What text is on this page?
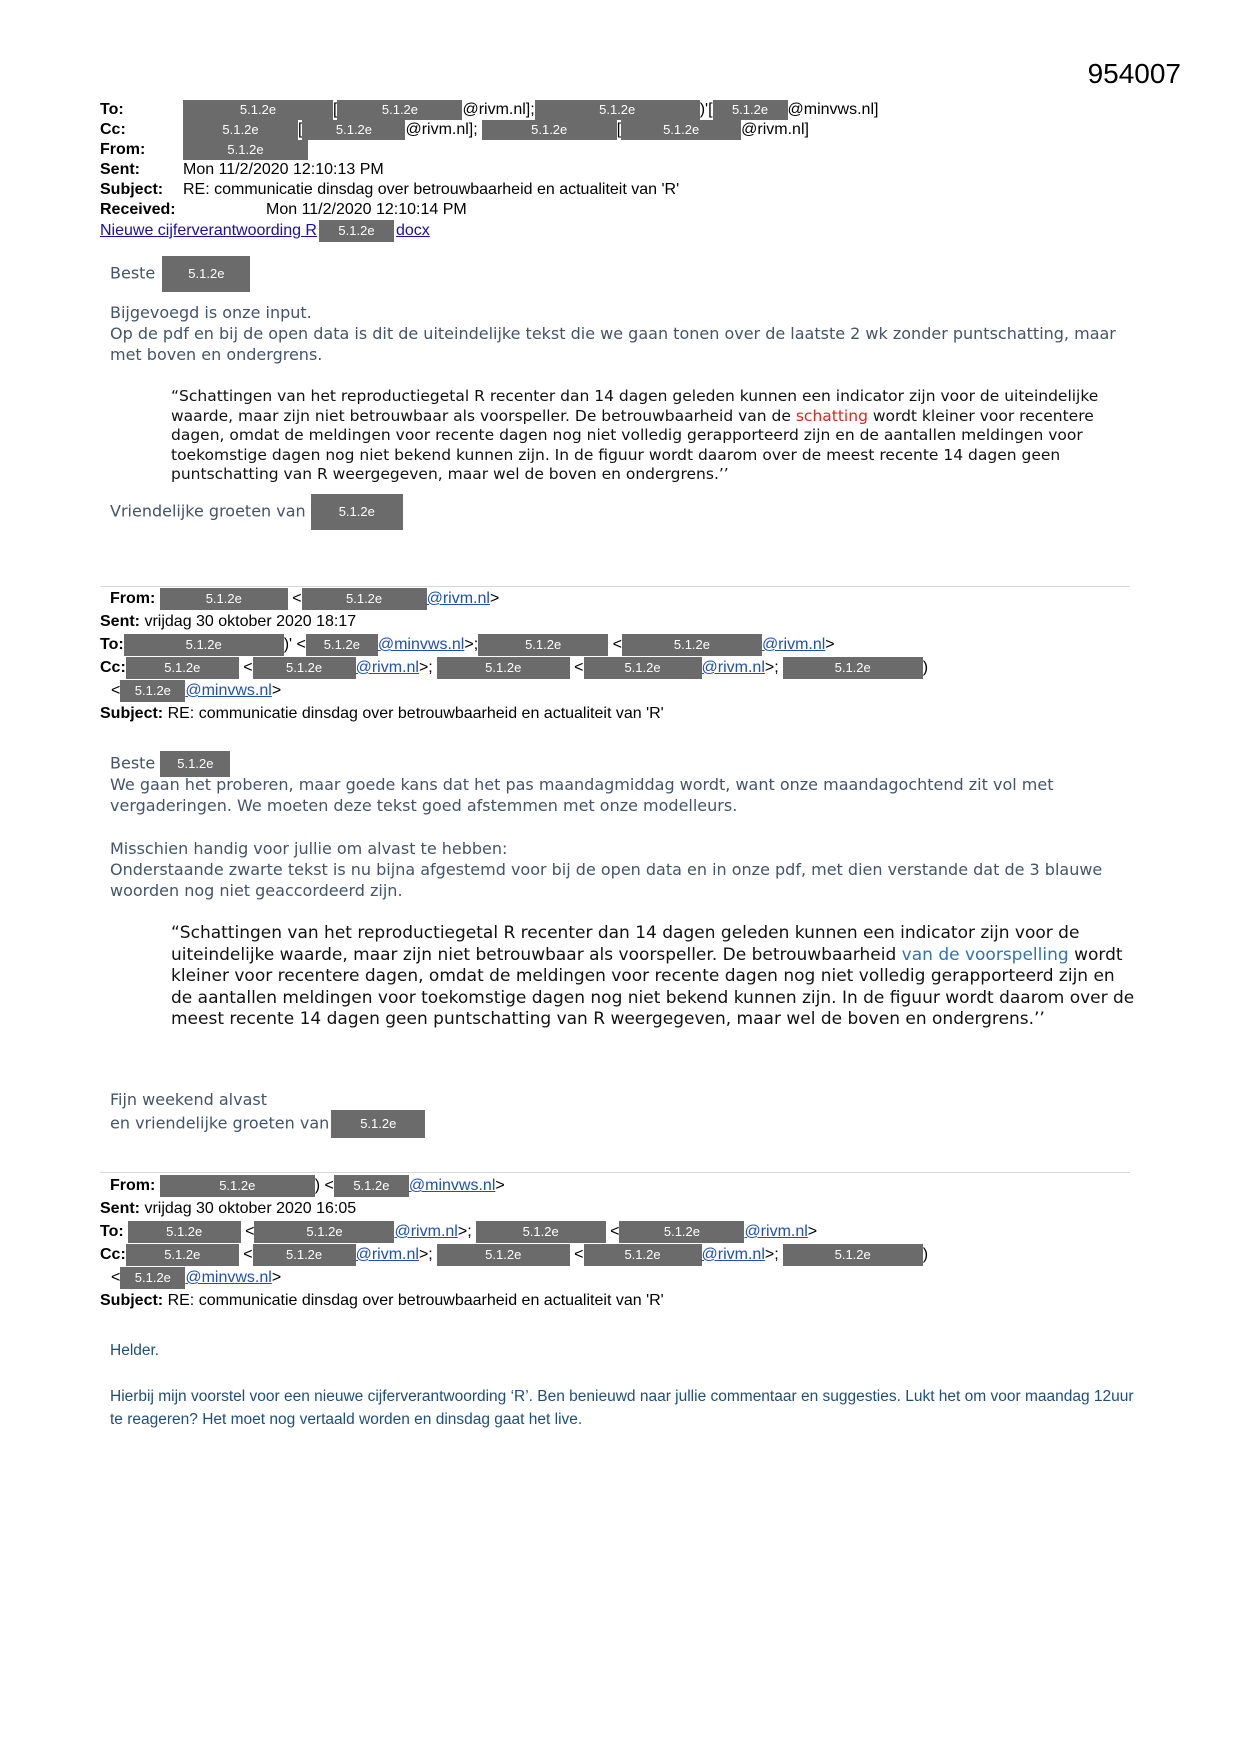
954007
To:	5.1.2e	[	5.1.2e	@rivm.nl];	5.1.2e	)'[ 5.1.2e @minvws.nl]
Cc:	5.1.2e [	5.1.2e @rivm.nl];	5.1.2e	[	5.1.2e	@rivm.nl]
From:	5.1.2e
Sent:	Mon 11/2/2020 12:10:13 PM
Subject: RE: communicatie dinsdag over betrouwbaarheid en actualiteit van 'R'
Received:	Mon 11/2/2020 12:10:14 PM
Nieuwe cijferverantwoording R 5.1.2e docx
Beste	5.1.2e
Bijgevoegd is onze input.
Op de pdf en bij de open data is dit de uiteindelijke tekst die we gaan tonen over de laatste 2 wk zonder puntschatting, maar met boven en ondergrens.
“Schattingen van het reproductiegetal R recenter dan 14 dagen geleden kunnen een indicator zijn voor de uiteindelijke waarde, maar zijn niet betrouwbaar als voorspeller. De betrouwbaarheid van de schatting wordt kleiner voor recentere dagen, omdat de meldingen voor recente dagen nog niet volledig gerapporteerd zijn en de aantallen meldingen voor toekomstige dagen nog niet bekend kunnen zijn. In de figuur wordt daarom over de meest recente 14 dagen geen puntschatting van R weergegeven, maar wel de boven en ondergrens.’’
Vriendelijke groeten van	5.1.2e
From:	5.1.2e	<	5.1.2e	@rivm.nl>
Sent: vrijdag 30 oktober 2020 18:17
To:	5.1.2e	)' < 5.1.2e @minvws.nl>;	5.1.2e	<	5.1.2e	@rivm.nl>
Cc:	5.1.2e <	5.1.2e @rivm.nl>;	5.1.2e	<	5.1.2e	@rivm.nl>;	5.1.2e	)
< 5.1.2e @minvws.nl>
Subject: RE: communicatie dinsdag over betrouwbaarheid en actualiteit van 'R'
Beste 5.1.2e
We gaan het proberen, maar goede kans dat het pas maandagmiddag wordt, want onze maandagochtend zit vol met vergaderingen. We moeten deze tekst goed afstemmen met onze modelleurs.
Misschien handig voor jullie om alvast te hebben:
Onderstaande zwarte tekst is nu bijna afgestemd voor bij de open data en in onze pdf, met dien verstande dat de 3 blauwe woorden nog niet geaccordeerd zijn.
“Schattingen van het reproductiegetal R recenter dan 14 dagen geleden kunnen een indicator zijn voor de uiteindelijke waarde, maar zijn niet betrouwbaar als voorspeller. De betrouwbaarheid van de voorspelling wordt kleiner voor recentere dagen, omdat de meldingen voor recente dagen nog niet volledig gerapporteerd zijn en de aantallen meldingen voor toekomstige dagen nog niet bekend kunnen zijn. In de figuur wordt daarom over de meest recente 14 dagen geen puntschatting van R weergegeven, maar wel de boven en ondergrens.’’
Fijn weekend alvast
en vriendelijke groeten van 5.1.2e
From:	5.1.2e	) < 5.1.2e @minvws.nl>
Sent: vrijdag 30 oktober 2020 16:05
To:	5.1.2e <	5.1.2e	@rivm.nl>;	5.1.2e	<	5.1.2e	@rivm.nl>
Cc:	5.1.2e <	5.1.2e @rivm.nl>;	5.1.2e	<	5.1.2e	@rivm.nl>;	5.1.2e	)
< 5.1.2e @minvws.nl>
Subject: RE: communicatie dinsdag over betrouwbaarheid en actualiteit van 'R'
Helder.
Hierbij mijn voorstel voor een nieuwe cijferverantwoording ‘R’. Ben benieuwd naar jullie commentaar en suggesties. Lukt het om voor maandag 12uur te reageren? Het moet nog vertaald worden en dinsdag gaat het live.
